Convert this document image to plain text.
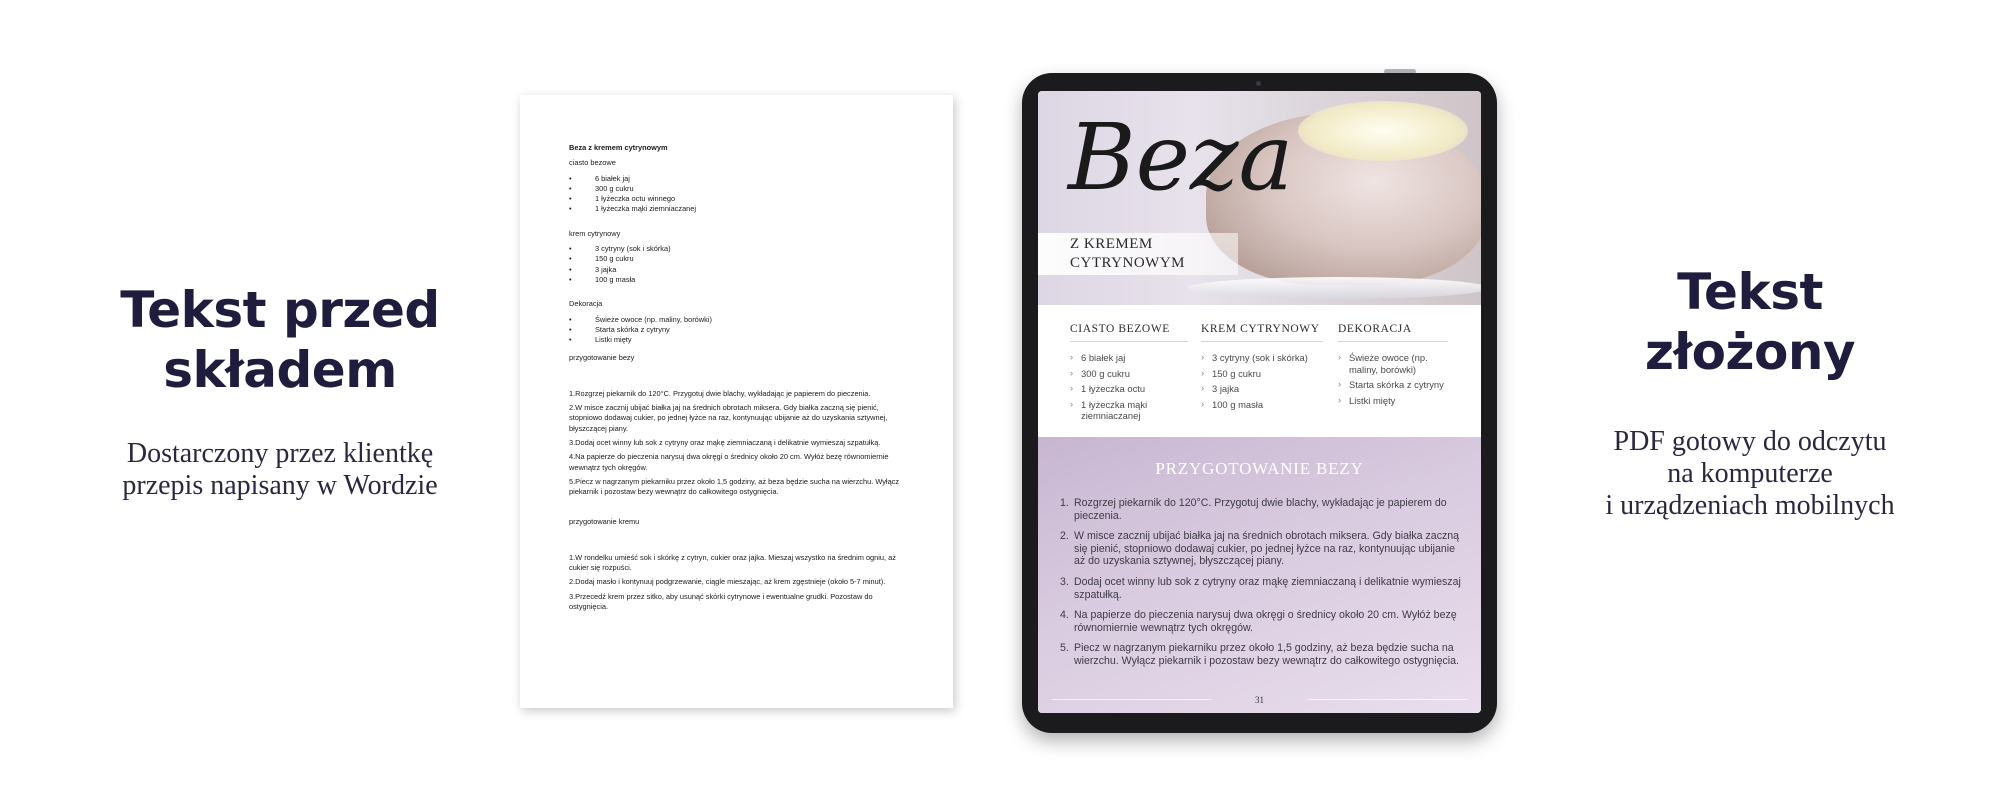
Tekst przed
składem

Dostarczony przez klientkę
przepis napisany w Wordzie

Beza z kremem cytrynowym
ciasto bezowe
• 6 białek jaj
• 300 g cukru
• 1 łyżeczka octu winnego
• 1 łyżeczka mąki ziemniaczanej
krem cytrynowy
• 3 cytryny (sok i skórka)
• 150 g cukru
• 3 jajka
• 100 g masła
Dekoracja
• Świeże owoce (np. maliny, borówki)
• Starta skórka z cytryny
• Listki mięty
przygotowanie bezy
1.Rozgrzej piekarnik do 120°C. Przygotuj dwie blachy, wykładając je papierem do pieczenia.
2.W misce zacznij ubijać białka jaj na średnich obrotach miksera. Gdy białka zaczną się pienić, stopniowo dodawaj cukier, po jednej łyżce na raz, kontynuując ubijanie aż do uzyskania sztywnej, błyszczącej piany.
3.Dodaj ocet winny lub sok z cytryny oraz mąkę ziemniaczaną i delikatnie wymieszaj szpatułką.
4.Na papierze do pieczenia narysuj dwa okręgi o średnicy około 20 cm. Wyłóż bezę równomiernie wewnątrz tych okręgów.
5.Piecz w nagrzanym piekarniku przez około 1,5 godziny, aż beza będzie sucha na wierzchu. Wyłącz piekarnik i pozostaw bezy wewnątrz do całkowitego ostygnięcia.
przygotowanie kremu
1.W rondelku umieść sok i skórkę z cytryn, cukier oraz jajka. Mieszaj wszystko na średnim ogniu, aż cukier się rozpuści.
2.Dodaj masło i kontynuuj podgrzewanie, ciągle mieszając, aż krem zgęstnieje (około 5-7 minut).
3.Przecedź krem przez sitko, aby usunąć skórki cytrynowe i ewentualne grudki. Pozostaw do ostygnięcia.
Beza
Z KREMEM
CYTRYNOWYM
CIASTO BEZOWE
› 6 białek jaj
› 300 g cukru
› 1 łyżeczka octu
› 1 łyżeczka mąki ziemniaczanej
KREM CYTRYNOWY
› 3 cytryny (sok i skórka)
› 150 g cukru
› 3 jajka
› 100 g masła
DEKORACJA
› Świeże owoce (np. maliny, borówki)
› Starta skórka z cytryny
› Listki mięty
PRZYGOTOWANIE BEZY
1. Rozgrzej piekarnik do 120°C. Przygotuj dwie blachy, wykładając je papierem do pieczenia.
2. W misce zacznij ubijać białka jaj na średnich obrotach miksera. Gdy białka zaczną się pienić, stopniowo dodawaj cukier, po jednej łyżce na raz, kontynuując ubijanie aż do uzyskania sztywnej, błyszczącej piany.
3. Dodaj ocet winny lub sok z cytryny oraz mąkę ziemniaczaną i delikatnie wymieszaj szpatułką.
4. Na papierze do pieczenia narysuj dwa okręgi o średnicy około 20 cm. Wyłóż bezę równomiernie wewnątrz tych okręgów.
5. Piecz w nagrzanym piekarniku przez około 1,5 godziny, aż beza będzie sucha na wierzchu. Wyłącz piekarnik i pozostaw bezy wewnątrz do całkowitego ostygnięcia.
31
Tekst
złożony

PDF gotowy do odczytu
na komputerze
i urządzeniach mobilnych
